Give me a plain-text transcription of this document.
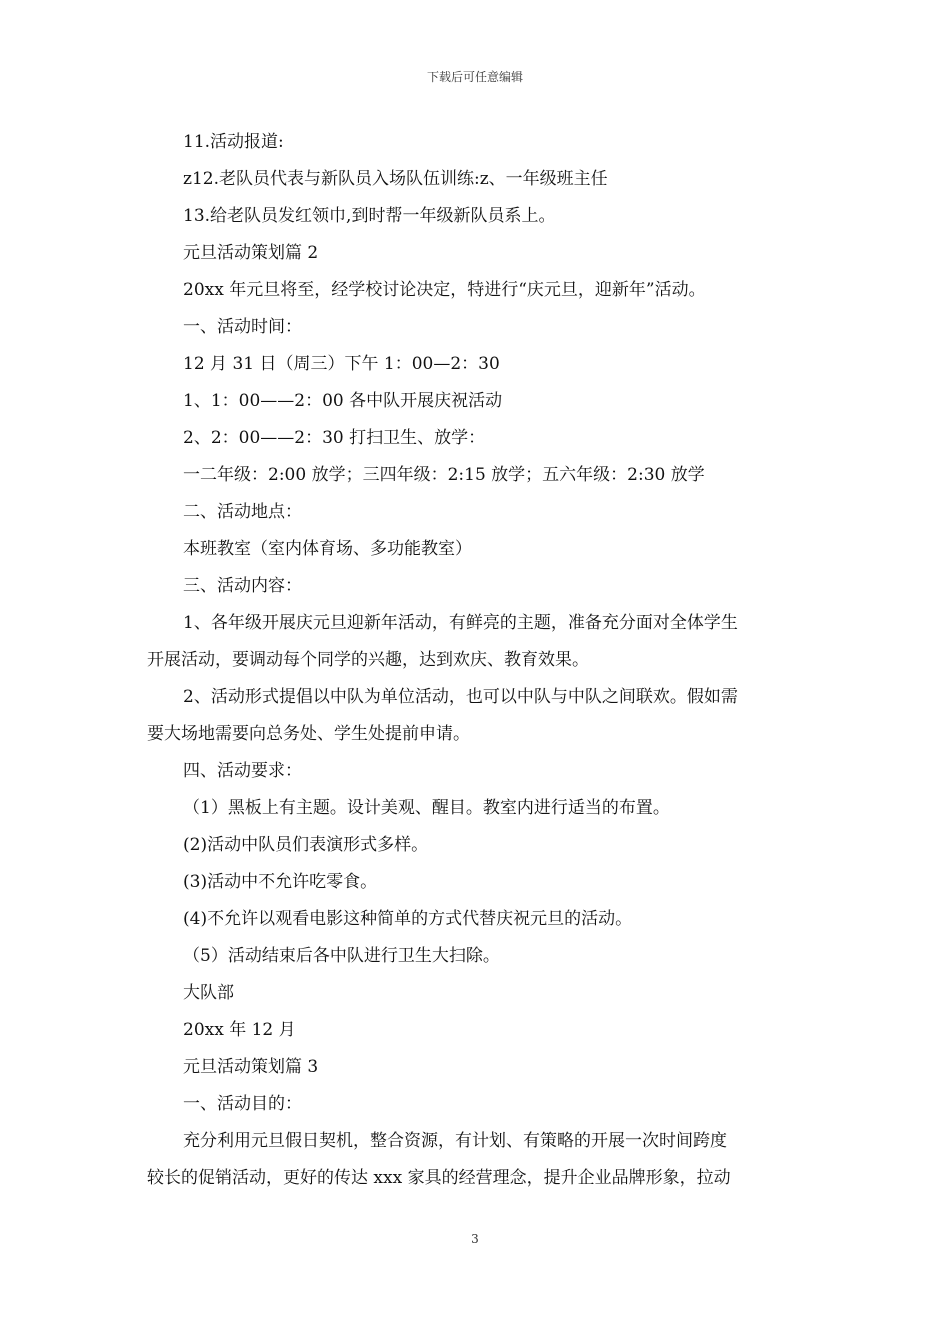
下载后可任意编辑
11.活动报道:
z12.老队员代表与新队员入场队伍训练:z、一年级班主任
13.给老队员发红领巾,到时帮一年级新队员系上。
元旦活动策划篇 2
20xx 年元旦将至，经学校讨论决定，特进行“庆元旦，迎新年”活动。
一、活动时间：
12 月 31 日（周三）下午 1：00—2：30
1、1：00——2：00 各中队开展庆祝活动
2、2：00——2：30 打扫卫生、放学：
一二年级：2:00 放学；三四年级：2:15 放学；五六年级：2:30 放学
二、活动地点：
本班教室（室内体育场、多功能教室）
三、活动内容：
1、各年级开展庆元旦迎新年活动，有鲜亮的主题，准备充分面对全体学生
开展活动，要调动每个同学的兴趣，达到欢庆、教育效果。
2、活动形式提倡以中队为单位活动，也可以中队与中队之间联欢。假如需
要大场地需要向总务处、学生处提前申请。
四、活动要求：
（1）黑板上有主题。设计美观、醒目。教室内进行适当的布置。
(2)活动中队员们表演形式多样。
(3)活动中不允许吃零食。
(4)不允许以观看电影这种简单的方式代替庆祝元旦的活动。
（5）活动结束后各中队进行卫生大扫除。
大队部
20xx 年 12 月
元旦活动策划篇 3
一、活动目的：
充分利用元旦假日契机，整合资源，有计划、有策略的开展一次时间跨度
较长的促销活动，更好的传达 xxx 家具的经营理念，提升企业品牌形象，拉动
3
